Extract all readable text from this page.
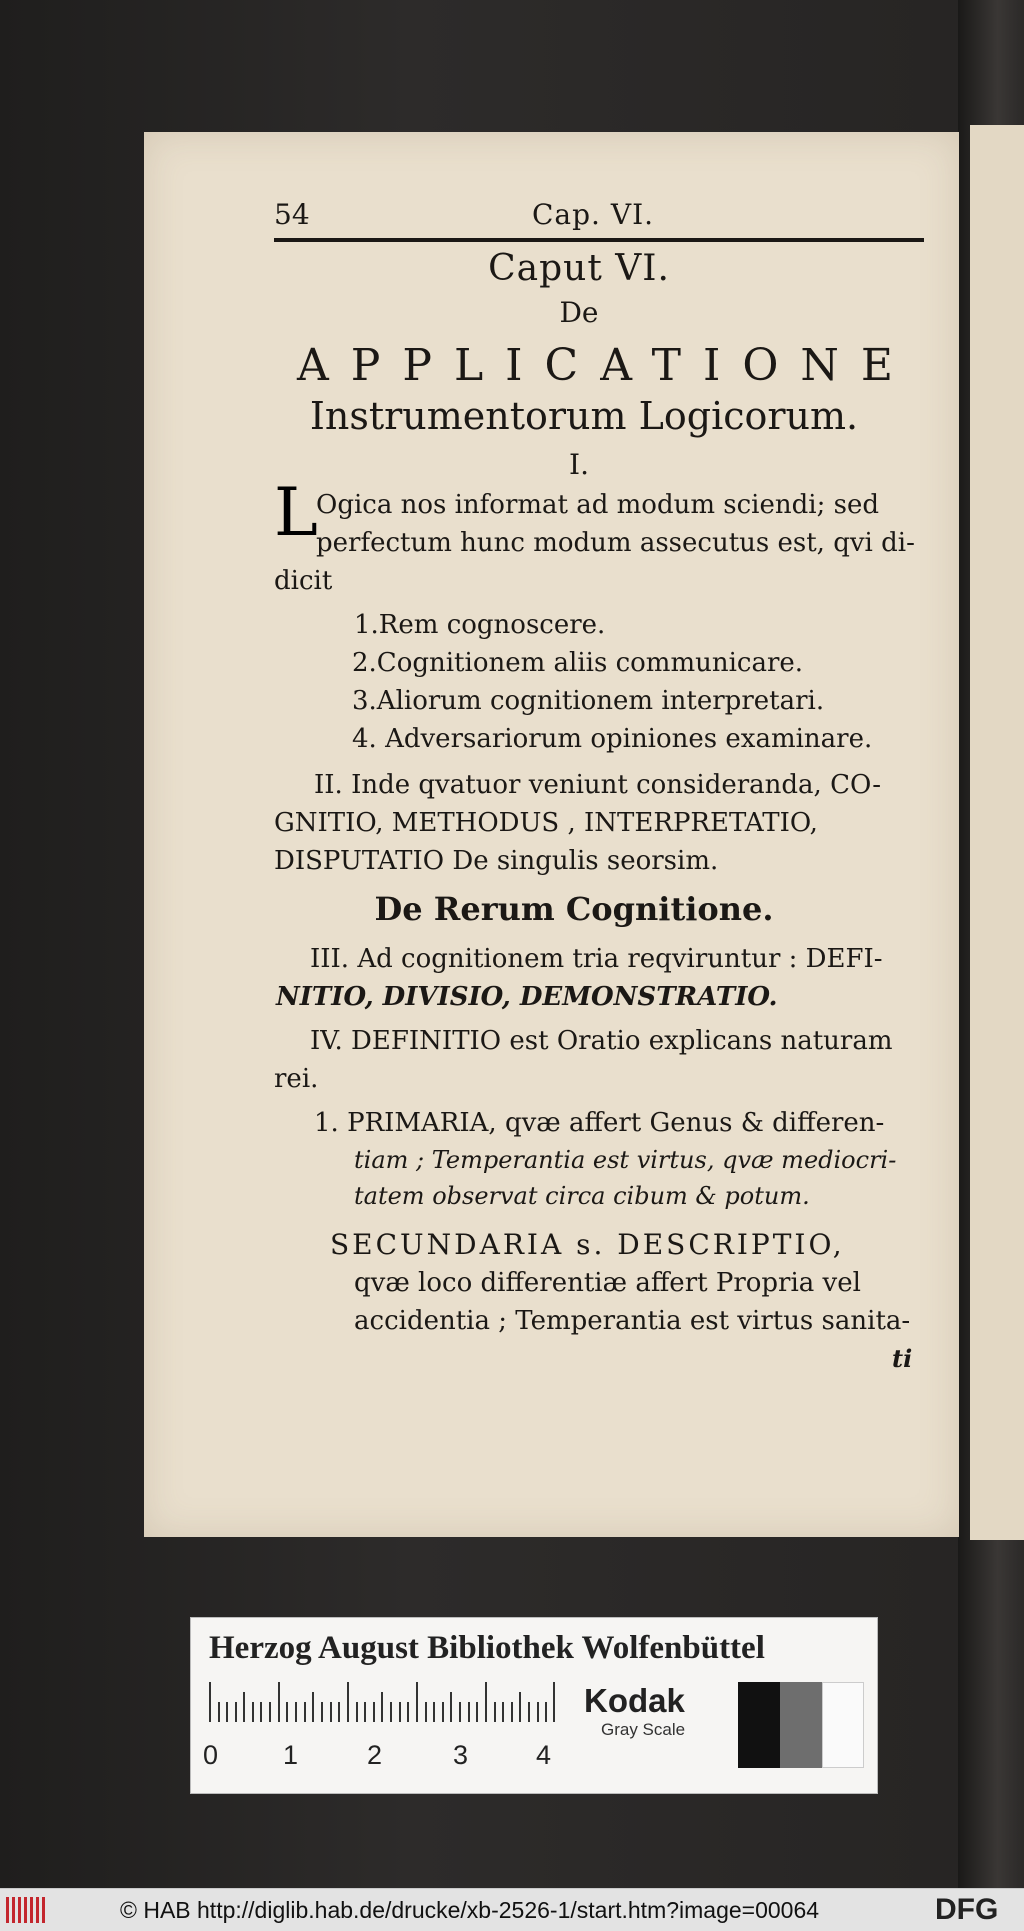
54	Cap. VI.
Caput VI.
De
APPLICATIONE
Instrumentorum Logicorum.
I.
L
Ogica nos informat ad modum sciendi; sed
perfectum hunc modum assecutus est, qvi di-
dicit
1.Rem cognoscere.
2.Cognitionem aliis communicare.
3.Aliorum cognitionem interpretari.
4. Adversariorum opiniones examinare.
II. Inde qvatuor veniunt consideranda, CO-
GNITIO, METHODUS , INTERPRETATIO,
DISPUTATIO De singulis seorsim.
De Rerum Cognitione.
III. Ad cognitionem tria reqviruntur : DEFI-
NITIO, DIVISIO, DEMONSTRATIO.
IV. DEFINITIO est Oratio explicans naturam
rei.
1. PRIMARIA, qvæ affert Genus & differen-
tiam ; Temperantia est virtus, qvæ mediocri-
tatem observat circa cibum & potum.
SECUNDARIA s. DESCRIPTIO,
qvæ loco differentiæ affert Propria vel
accidentia ; Temperantia est virtus sanita-
ti
Herzog August Bibliothek Wolfenbüttel
0 1	2	3	4
Kodak
Gray Scale
© HAB http://diglib.hab.de/drucke/xb-2526-1/start.htm?image=00064	DFG
